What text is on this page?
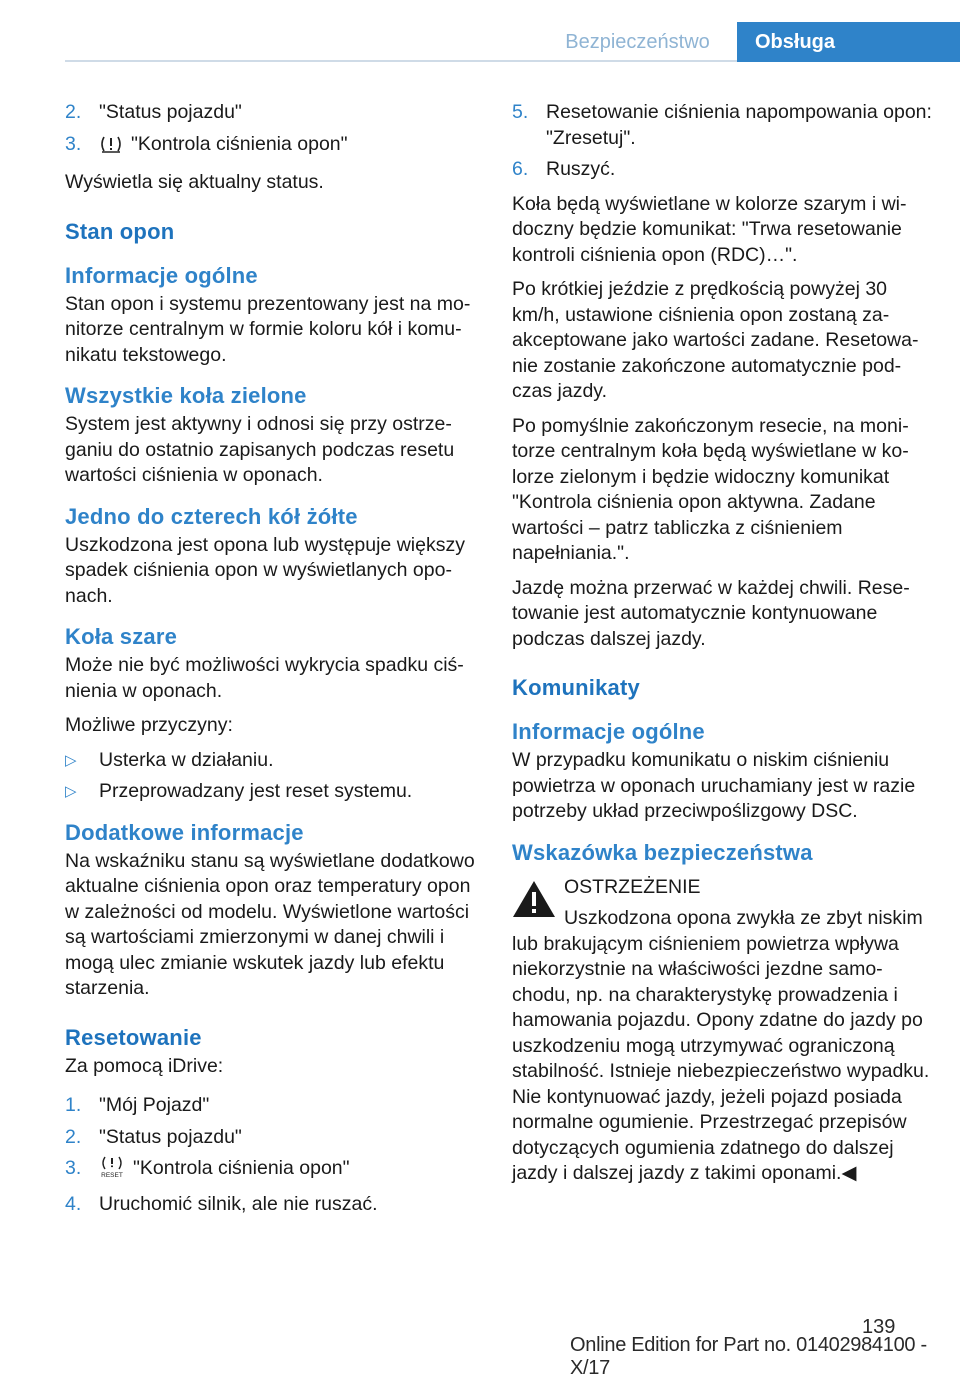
Bezpieczeństwo	Obsługa
2. "Status pojazdu"
3.	"Kontrola ciśnienia opon"

Wyświetla się aktualny status.

Stan opon
Informacje ogólne

Stan opon i systemu prezentowany jest na monitorze centralnym w formie koloru kół i komunikatu tekstowego.

Wszystkie koła zielone

System jest aktywny i odnosi się przy ostrzeganiu do ostatnio zapisanych podczas resetu wartości ciśnienia w oponach.

Jedno do czterech kół żółte

Uszkodzona jest opona lub występuje większy spadek ciśnienia opon w wyświetlanych oponach.

Koła szare

Może nie być możliwości wykrycia spadku ciśnienia w oponach.

Możliwe przyczyny:

▷ Usterka w działaniu.
▷ Przeprowadzany jest reset systemu.
Dodatkowe informacje

Na wskaźniku stanu są wyświetlane dodatkowo aktualne ciśnienia opon oraz temperatury opon w zależności od modelu. Wyświetlone wartości są wartościami zmierzonymi w danej chwili i mogą ulec zmianie wskutek jazdy lub efektu starzenia.

Resetowanie

Za pomocą iDrive:

1. "Mój Pojazd"
2. "Status pojazdu"
3.	RESET "Kontrola ciśnienia opon"
4. Uruchomić silnik, ale nie ruszać.
5. Resetowanie ciśnienia napompowania opon: "Zresetuj".
6. Ruszyć.

Koła będą wyświetlane w kolorze szarym i widoczny będzie komunikat: "Trwa resetowanie kontroli ciśnienia opon (RDC)…".

Po krótkiej jeździe z prędkością powyżej 30 km/h, ustawione ciśnienia opon zostaną zaakceptowane jako wartości zadane. Resetowanie zostanie zakończone automatycznie podczas jazdy.

Po pomyślnie zakończonym resecie, na monitorze centralnym koła będą wyświetlane w kolorze zielonym i będzie widoczny komunikat "Kontrola ciśnienia opon aktywna. Zadane wartości – patrz tabliczka z ciśnieniem napełniania.".

Jazdę można przerwać w każdej chwili. Resetowanie jest automatycznie kontynuowane podczas dalszej jazdy.

Komunikaty
Informacje ogólne

W przypadku komunikatu o niskim ciśnieniu powietrza w oponach uruchamiany jest w razie potrzeby układ przeciwpoślizgowy DSC.

Wskazówka bezpieczeństwa

OSTRZEŻENIE

Uszkodzona opona zwykła ze zbyt niskim

lub brakującym ciśnieniem powietrza wpływa niekorzystnie na właściwości jezdne samochodu, np. na charakterystykę prowadzenia i hamowania pojazdu. Opony zdatne do jazdy po uszkodzeniu mogą utrzymywać ograniczoną stabilność. Istnieje niebezpieczeństwo wypadku. Nie kontynuować jazdy, jeżeli pojazd posiada normalne ogumienie. Przestrzegać przepisów dotyczących ogumienia zdatnego do dalszej jazdy i dalszej jazdy z takimi oponami.◀

139
Online Edition for Part no. 01402984100 - X/17
